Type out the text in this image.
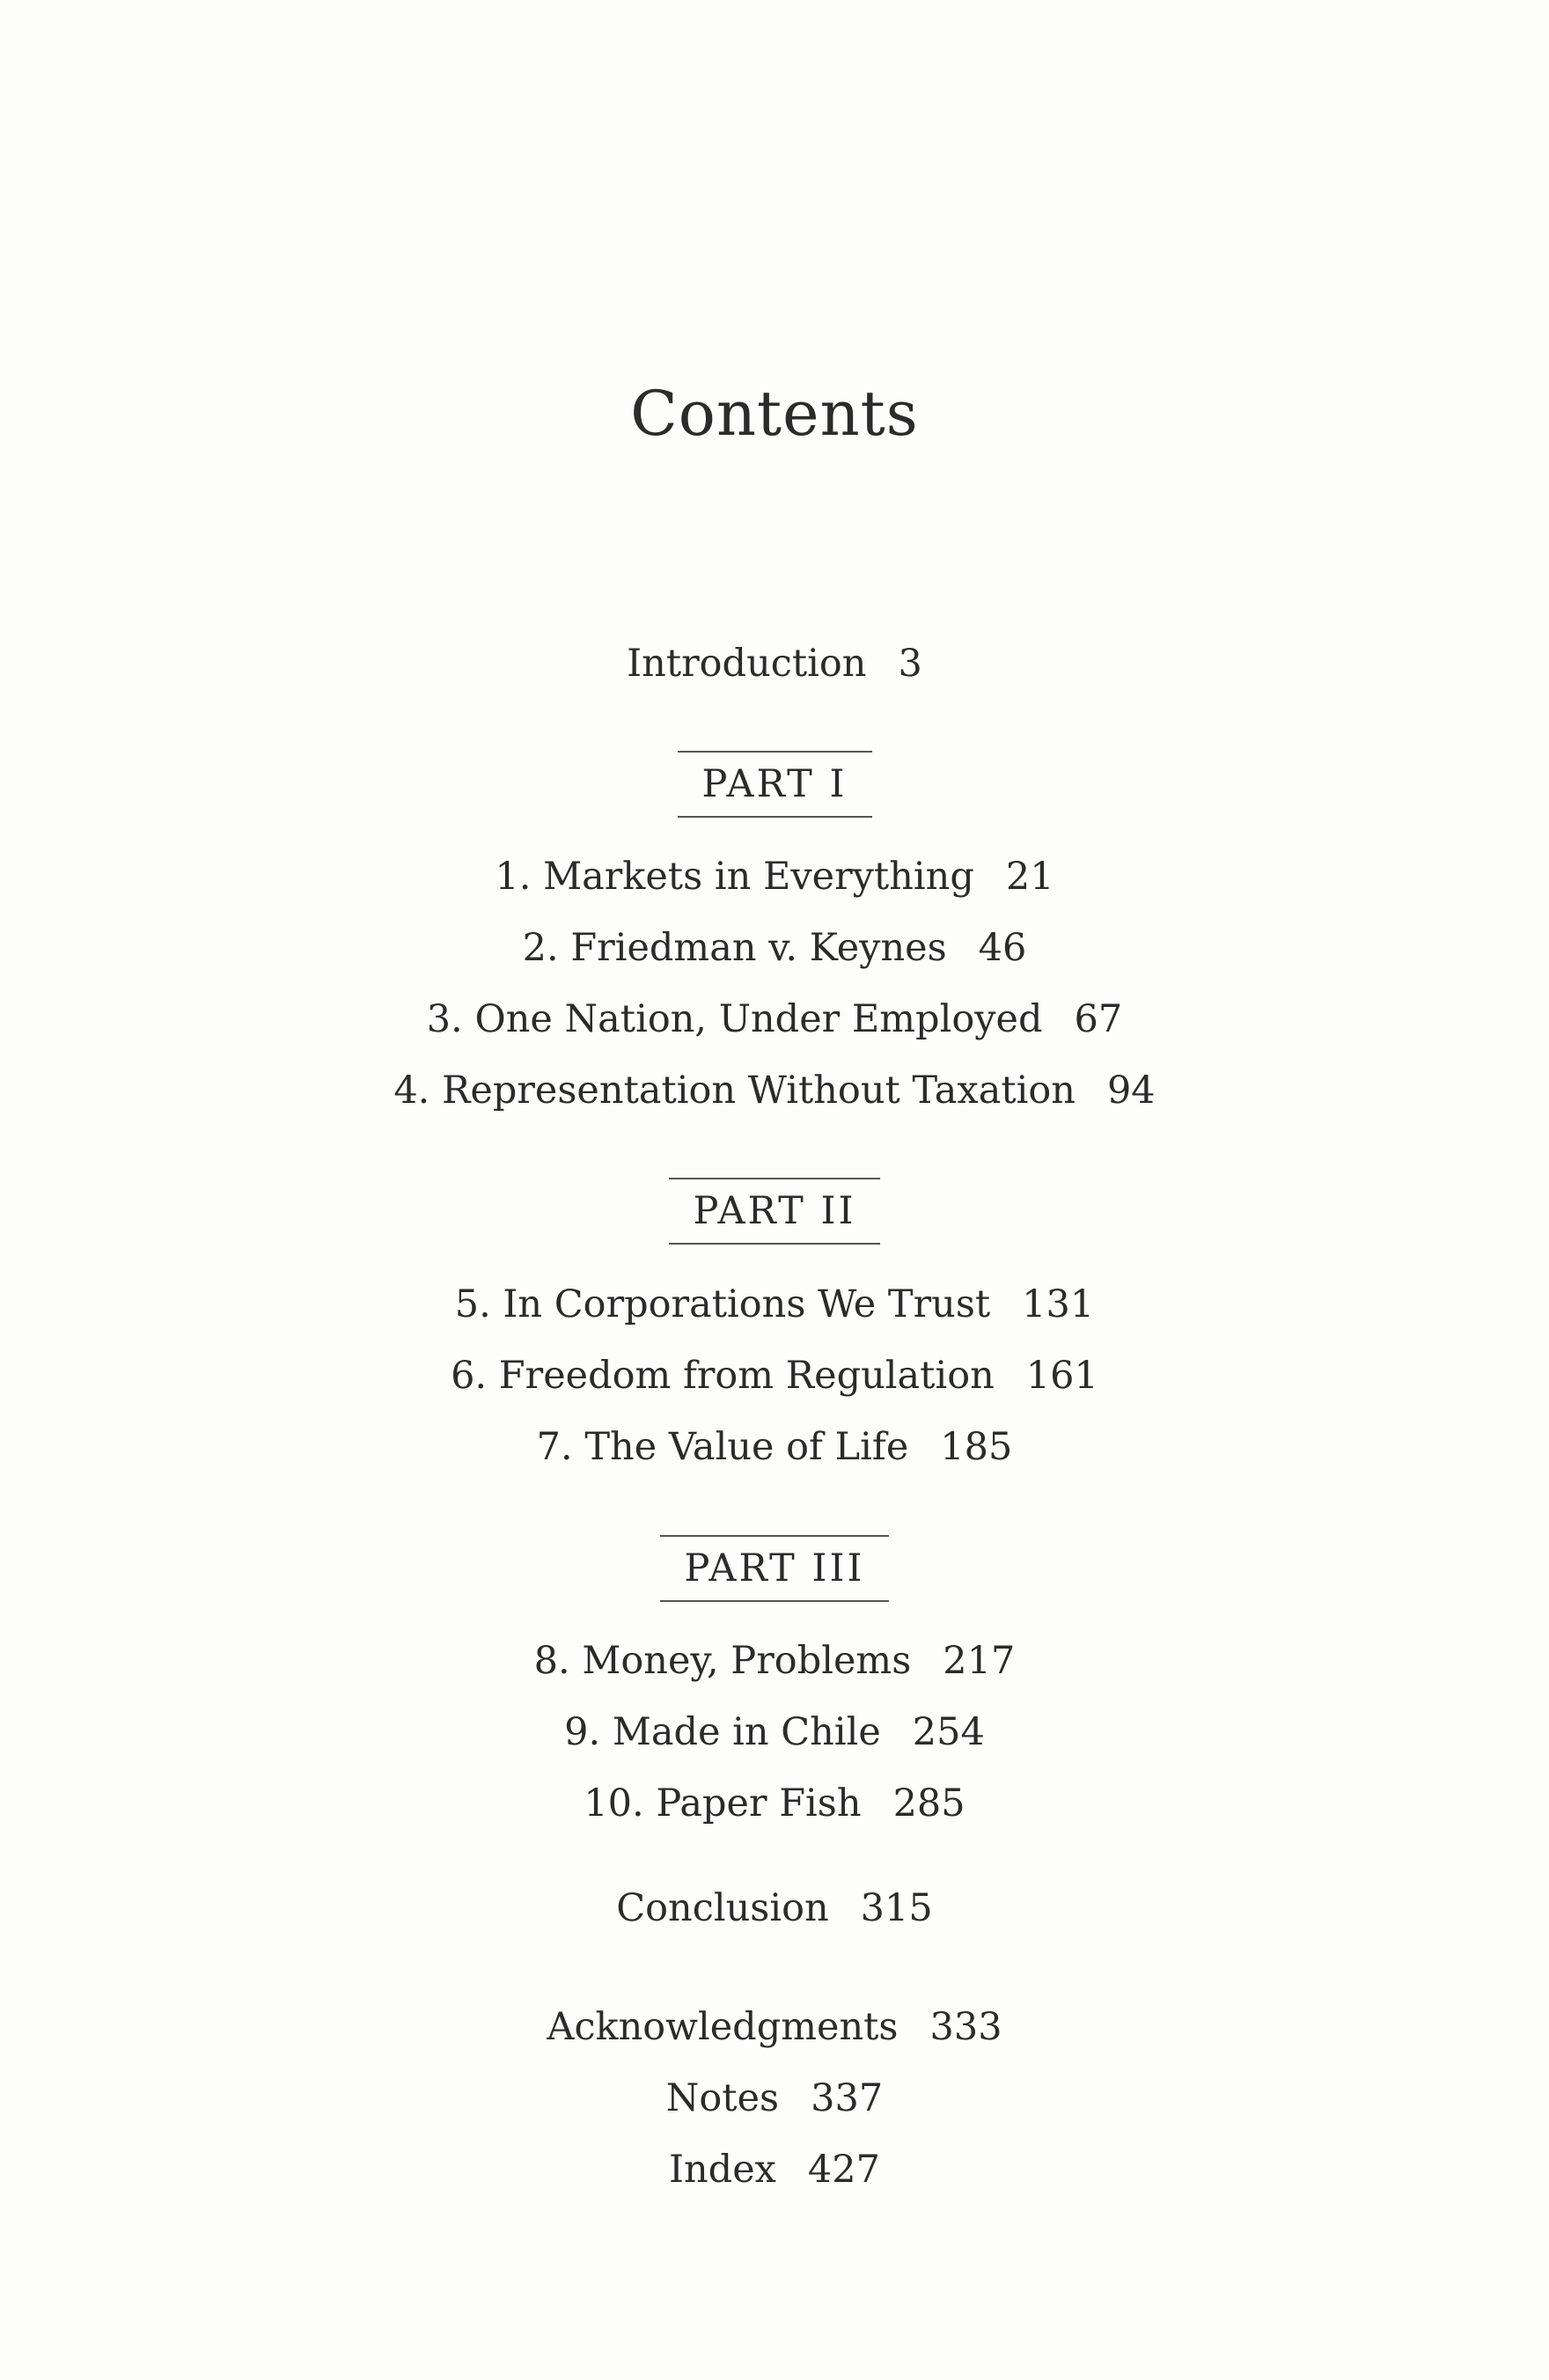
Contents
Introduction 3
PART I
1. Markets in Everything 21
2. Friedman v. Keynes 46
3. One Nation, Under Employed 67
4. Representation Without Taxation 94
PART II
5. In Corporations We Trust 131
6. Freedom from Regulation 161
7. The Value of Life 185
PART III
8. Money, Problems 217
9. Made in Chile 254
10. Paper Fish 285
Conclusion 315
Acknowledgments 333
Notes 337
Index 427
